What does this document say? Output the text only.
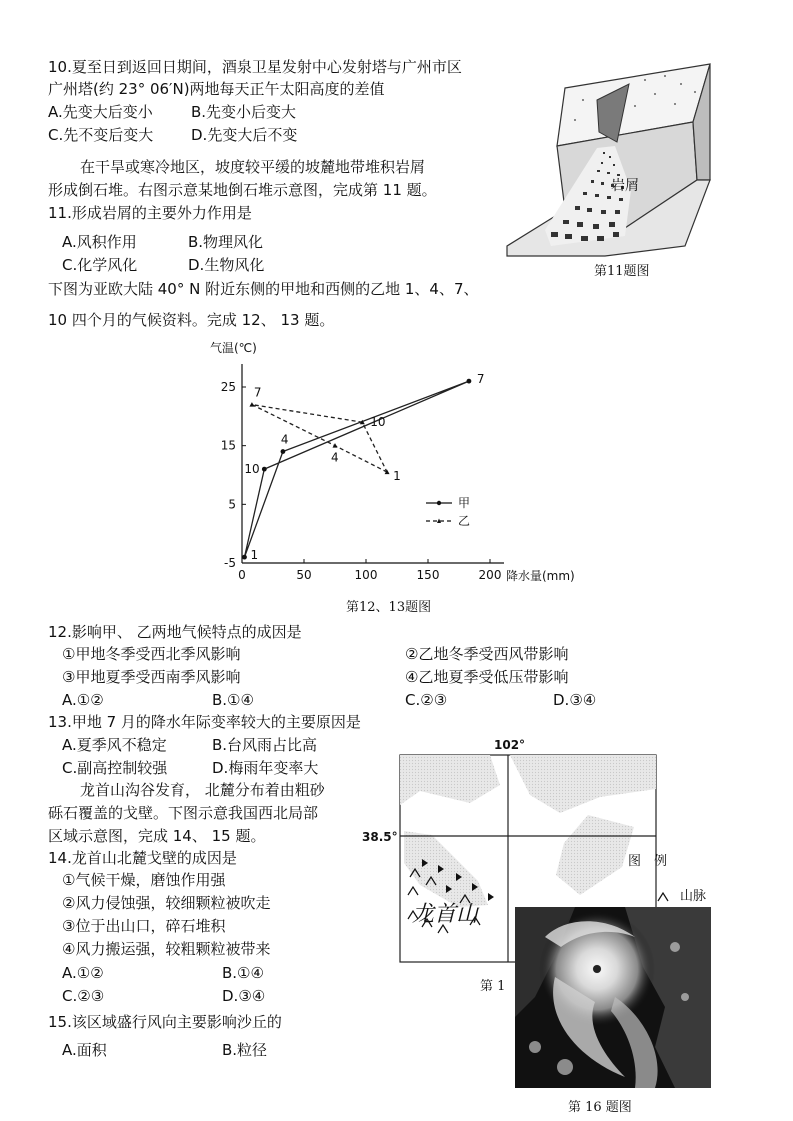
10.夏至日到返回日期间，酒泉卫星发射中心发射塔与广州市区
广州塔(约 23° 06′N)两地每天正午太阳高度的差值
A.先变大后变小	B.先变小后变大
C.先不变后变大	D.先变大后不变
在干旱或寒冷地区，坡度较平缓的坡麓地带堆积岩屑
形成倒石堆。右图示意某地倒石堆示意图，完成第 11 题。
11.形成岩屑的主要外力作用是
A.风积作用	B.物理风化
C.化学风化	D.生物风化
岩屑
第11题图
下图为亚欧大陆 40° N 附近东侧的甲地和西侧的乙地 1、4、7、
10 四个月的气候资料。完成 12、 13 题。
气温(℃)
降水量(mm)
0	50	100	150	200
25
15
5
-5
1
4
7
10	1
4
7
10
甲
乙
第12、13题图
12.影响甲、 乙两地气候特点的成因是
①甲地冬季受西北季风影响	②乙地冬季受西风带影响
③甲地夏季受西南季风影响	④乙地夏季受低压带影响
A.①②	B.①④	C.②③	D.③④
13.甲地 7 月的降水年际变率较大的主要原因是
A.夏季风不稳定	B.台风雨占比高
C.副高控制较强	D.梅雨年变率大
龙首山沟谷发育， 北麓分布着由粗砂
砾石覆盖的戈壁。下图示意我国西北局部
区域示意图，完成 14、 15 题。
14.龙首山北麓戈壁的成因是
①气候干燥，磨蚀作用强
②风力侵蚀强，较细颗粒被吹走
③位于出山口，碎石堆积
④风力搬运强，较粗颗粒被带来
A.①②	B.①④
C.②③	D.③④
15.该区域盛行风向主要影响沙丘的
A.面积	B.粒径
龙首山
102°
38.5°
图　例
山脉
第 1
第 16 题图
